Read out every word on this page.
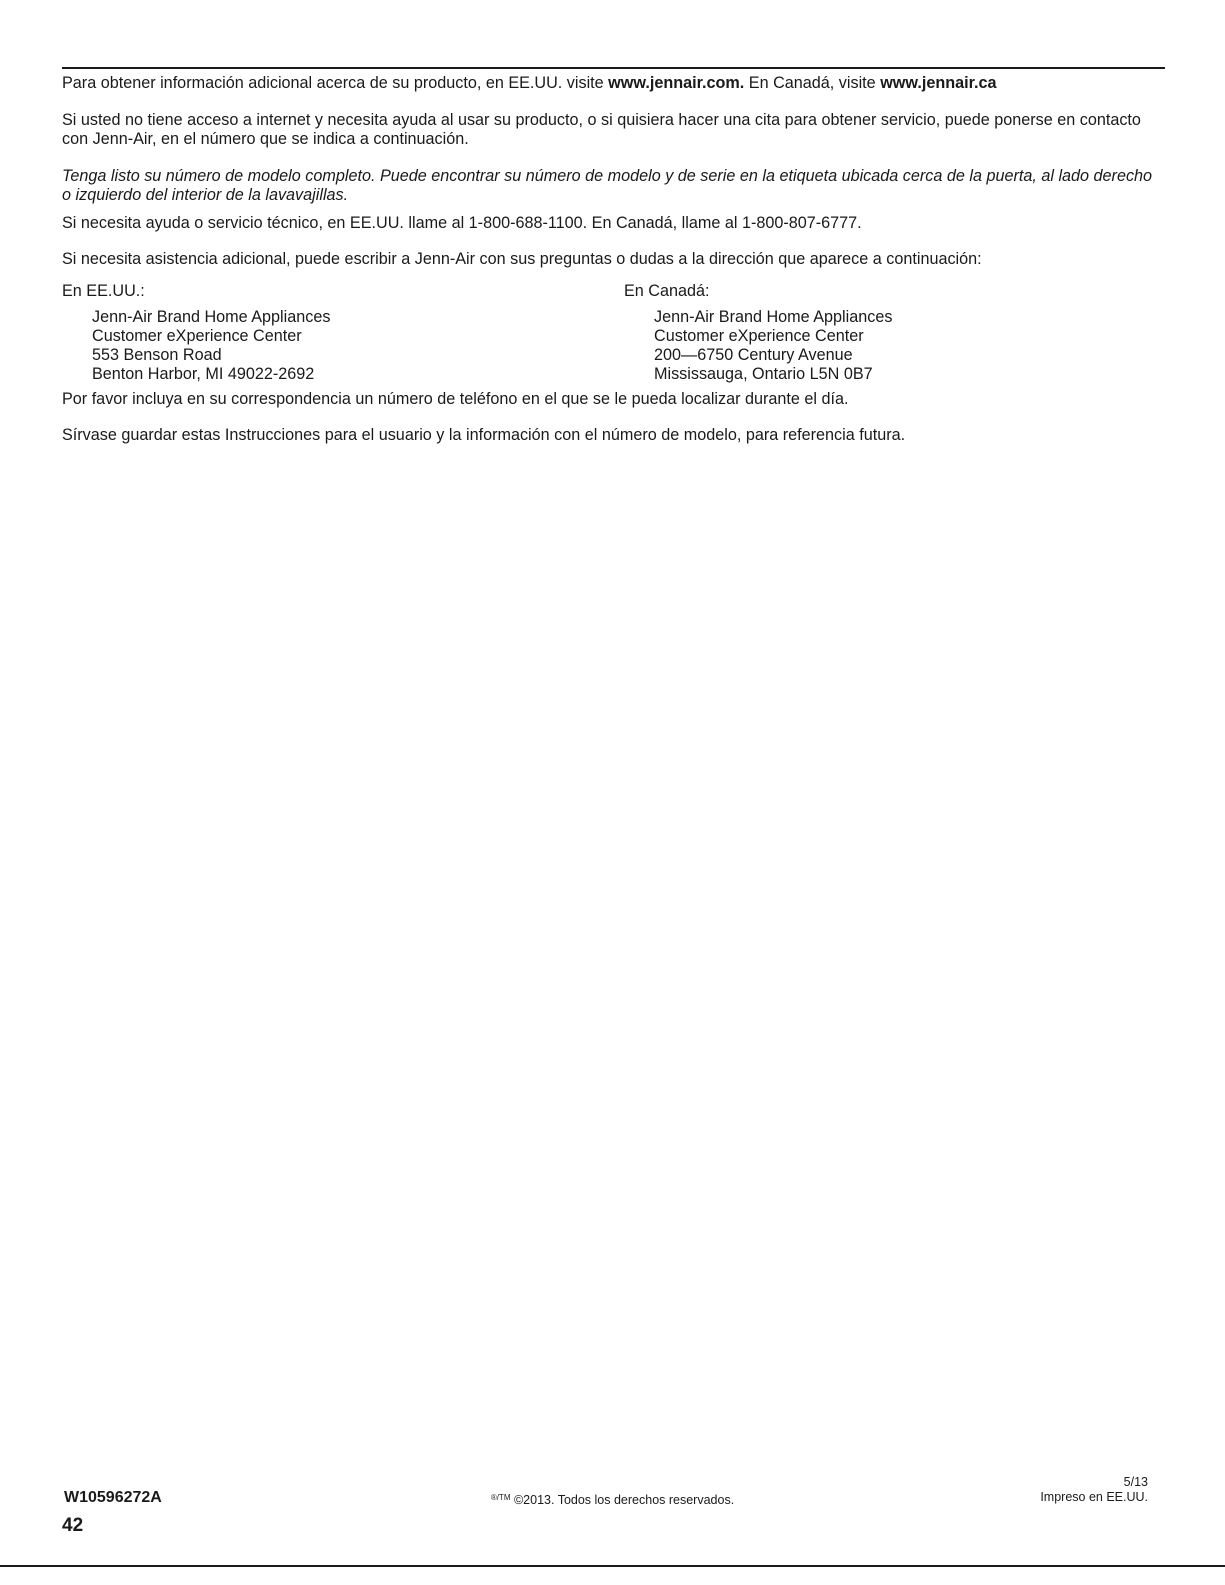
Para obtener información adicional acerca de su producto, en EE.UU. visite www.jennair.com. En Canadá, visite www.jennair.ca

Si usted no tiene acceso a internet y necesita ayuda al usar su producto, o si quisiera hacer una cita para obtener servicio, puede ponerse en contacto con Jenn-Air, en el número que se indica a continuación.

Tenga listo su número de modelo completo. Puede encontrar su número de modelo y de serie en la etiqueta ubicada cerca de la puerta, al lado derecho o izquierdo del interior de la lavavajillas.

Si necesita ayuda o servicio técnico, en EE.UU. llame al 1-800-688-1100. En Canadá, llame al 1-800-807-6777.

Si necesita asistencia adicional, puede escribir a Jenn-Air con sus preguntas o dudas a la dirección que aparece a continuación:

En EE.UU.:	En Canadá:
Jenn-Air Brand Home Appliances
Customer eXperience Center
553 Benson Road
Benton Harbor, MI 49022-2692
Jenn-Air Brand Home Appliances
Customer eXperience Center
200—6750 Century Avenue
Mississauga, Ontario L5N 0B7

Por favor incluya en su correspondencia un número de teléfono en el que se le pueda localizar durante el día.

Sírvase guardar estas Instrucciones para el usuario y la información con el número de modelo, para referencia futura.

W10596272A
42
$^{®/TM}$ ©2013. Todos los derechos reservados.
5/13
Impreso en EE.UU.
